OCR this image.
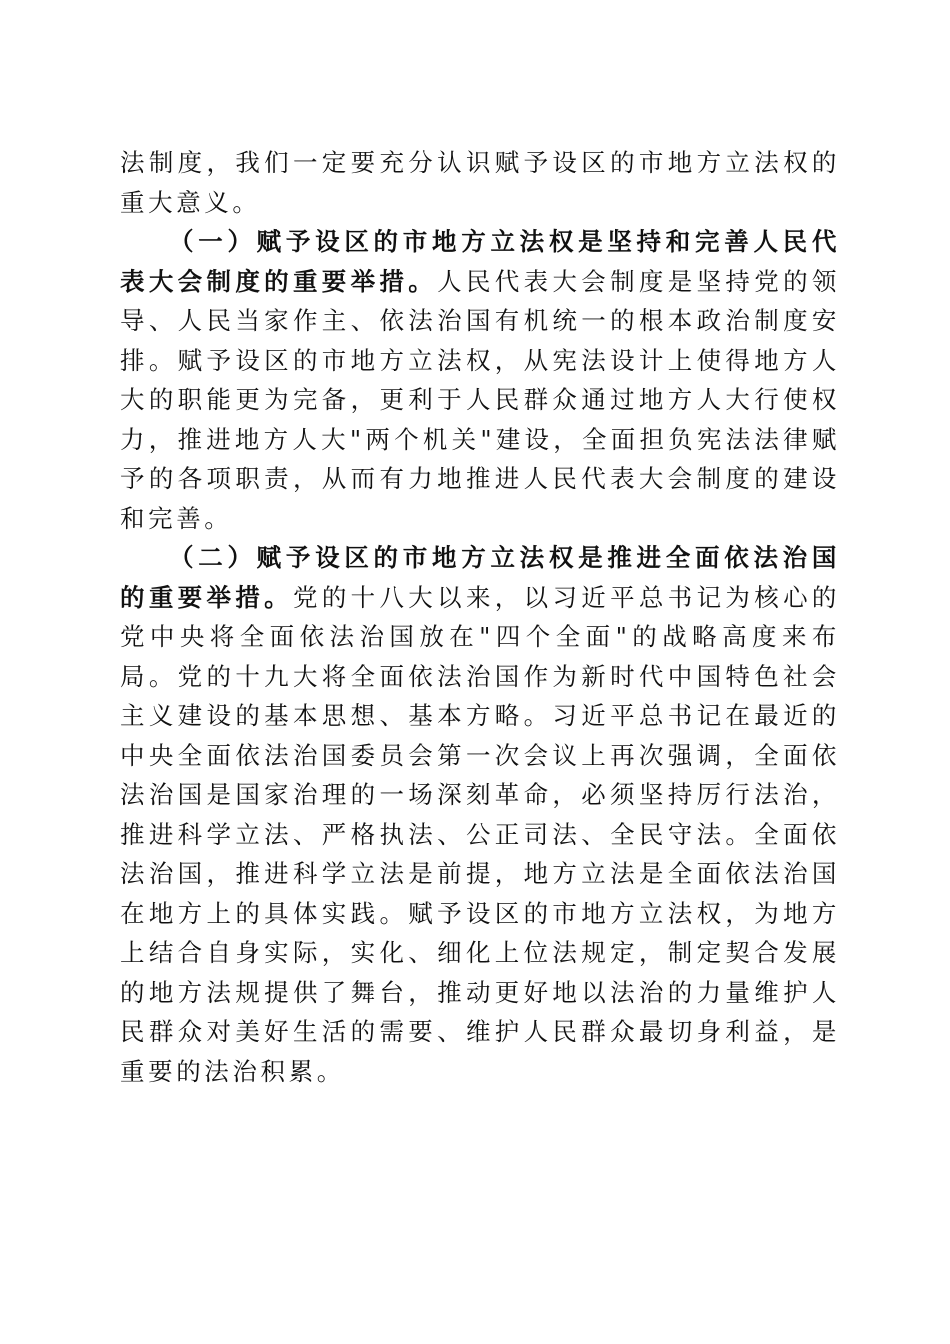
法制度，我们一定要充分认识赋予设区的市地方立法权的重大意义。

（一）赋予设区的市地方立法权是坚持和完善人民代表大会制度的重要举措。人民代表大会制度是坚持党的领导、人民当家作主、依法治国有机统一的根本政治制度安排。赋予设区的市地方立法权，从宪法设计上使得地方人大的职能更为完备，更利于人民群众通过地方人大行使权力，推进地方人大"两个机关"建设，全面担负宪法法律赋予的各项职责，从而有力地推进人民代表大会制度的建设和完善。

（二）赋予设区的市地方立法权是推进全面依法治国的重要举措。党的十八大以来，以习近平总书记为核心的党中央将全面依法治国放在"四个全面"的战略高度来布局。党的十九大将全面依法治国作为新时代中国特色社会主义建设的基本思想、基本方略。习近平总书记在最近的中央全面依法治国委员会第一次会议上再次强调，全面依法治国是国家治理的一场深刻革命，必须坚持厉行法治，推进科学立法、严格执法、公正司法、全民守法。全面依法治国，推进科学立法是前提，地方立法是全面依法治国在地方上的具体实践。赋予设区的市地方立法权，为地方上结合自身实际，实化、细化上位法规定，制定契合发展的地方法规提供了舞台，推动更好地以法治的力量维护人民群众对美好生活的需要、维护人民群众最切身利益，是重要的法治积累。
